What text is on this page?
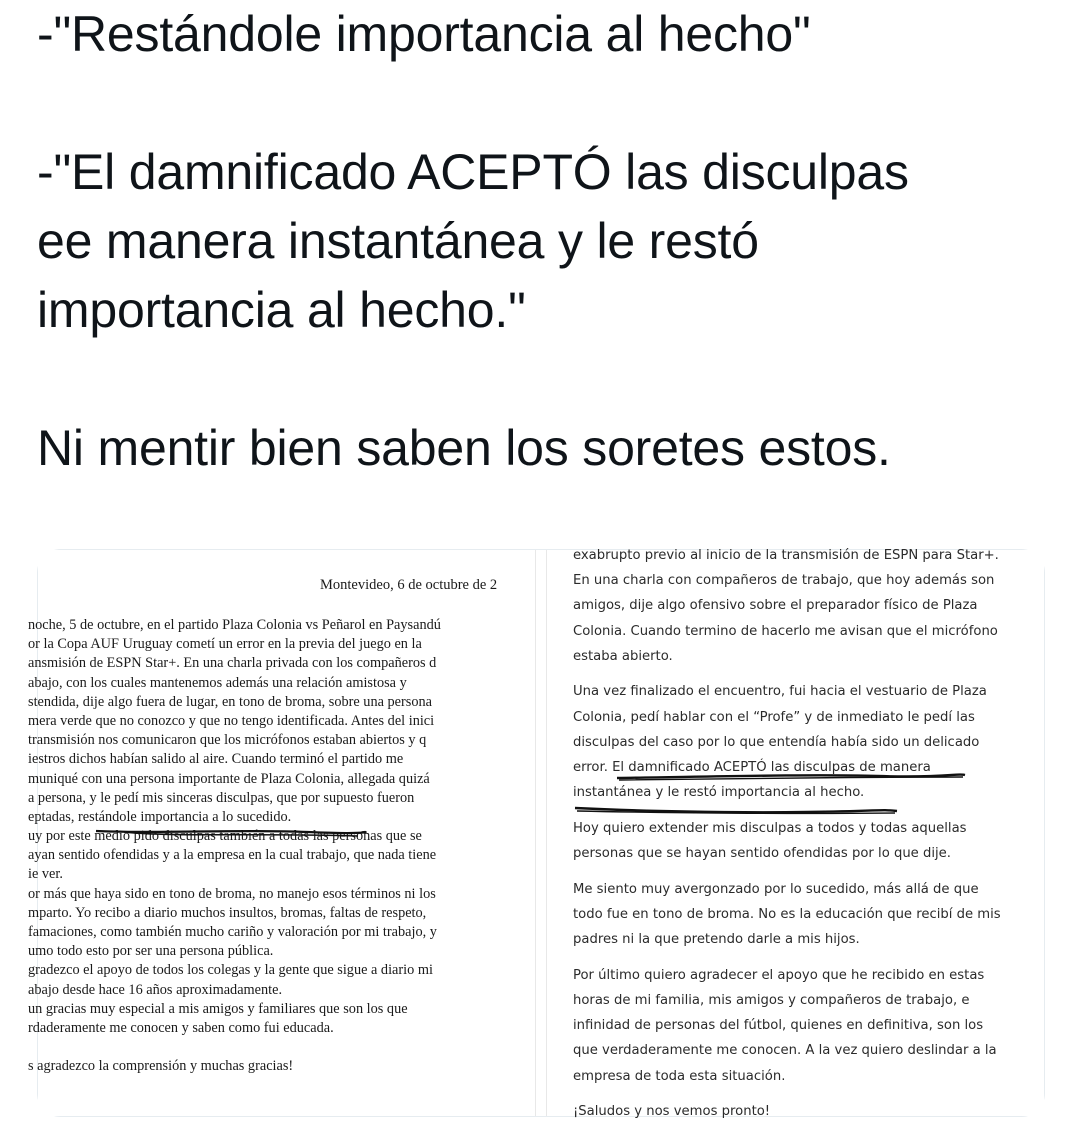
-"Restándole importancia al hecho"

-"El damnificado ACEPTÓ las disculpas

ee manera instantánea y le restó

importancia al hecho."

Ni mentir bien saben los soretes estos.

Montevideo, 6 de octubre de 2
noche, 5 de octubre, en el partido Plaza Colonia vs Peñarol en Paysandú
or la Copa AUF Uruguay cometí un error en la previa del juego en la
ansmisión de ESPN Star+. En una charla privada con los compañeros d
abajo, con los cuales mantenemos además una relación amistosa y
stendida, dije algo fuera de lugar, en tono de broma, sobre una persona
mera verde que no conozco y que no tengo identificada. Antes del inici
transmisión nos comunicaron que los micrófonos estaban abiertos y q
iestros dichos habían salido al aire. Cuando terminó el partido me
muniqué con una persona importante de Plaza Colonia, allegada quizá
a persona, y le pedí mis sinceras disculpas, que por supuesto fueron
eptadas, restándole importancia a lo sucedido.
uy por este medio pido disculpas también a todas las personas que se
ayan sentido ofendidas y a la empresa en la cual trabajo, que nada tiene
ie ver.
or más que haya sido en tono de broma, no manejo esos términos ni los
mparto. Yo recibo a diario muchos insultos, bromas, faltas de respeto,
famaciones, como también mucho cariño y valoración por mi trabajo, y
umo todo esto por ser una persona pública.
gradezco el apoyo de todos los colegas y la gente que sigue a diario mi
abajo desde hace 16 años aproximadamente.
un gracias muy especial a mis amigos y familiares que son los que
rdaderamente me conocen y saben como fui educada.
s agradezco la comprensión y muchas gracias!
exabrupto previo al inicio de la transmisión de ESPN para Star+.
En una charla con compañeros de trabajo, que hoy además son
amigos, dije algo ofensivo sobre el preparador físico de Plaza
Colonia. Cuando termino de hacerlo me avisan que el micrófono
estaba abierto.
Una vez finalizado el encuentro, fui hacia el vestuario de Plaza
Colonia, pedí hablar con el “Profe” y de inmediato le pedí las
disculpas del caso por lo que entendía había sido un delicado
error. El damnificado ACEPTÓ las disculpas de manera
instantánea y le restó importancia al hecho.
Hoy quiero extender mis disculpas a todos y todas aquellas
personas que se hayan sentido ofendidas por lo que dije.
Me siento muy avergonzado por lo sucedido, más allá de que
todo fue en tono de broma. No es la educación que recibí de mis
padres ni la que pretendo darle a mis hijos.
Por último quiero agradecer el apoyo que he recibido en estas
horas de mi familia, mis amigos y compañeros de trabajo, e
infinidad de personas del fútbol, quienes en definitiva, son los
que verdaderamente me conocen. A la vez quiero deslindar a la
empresa de toda esta situación.
¡Saludos y nos vemos pronto!
